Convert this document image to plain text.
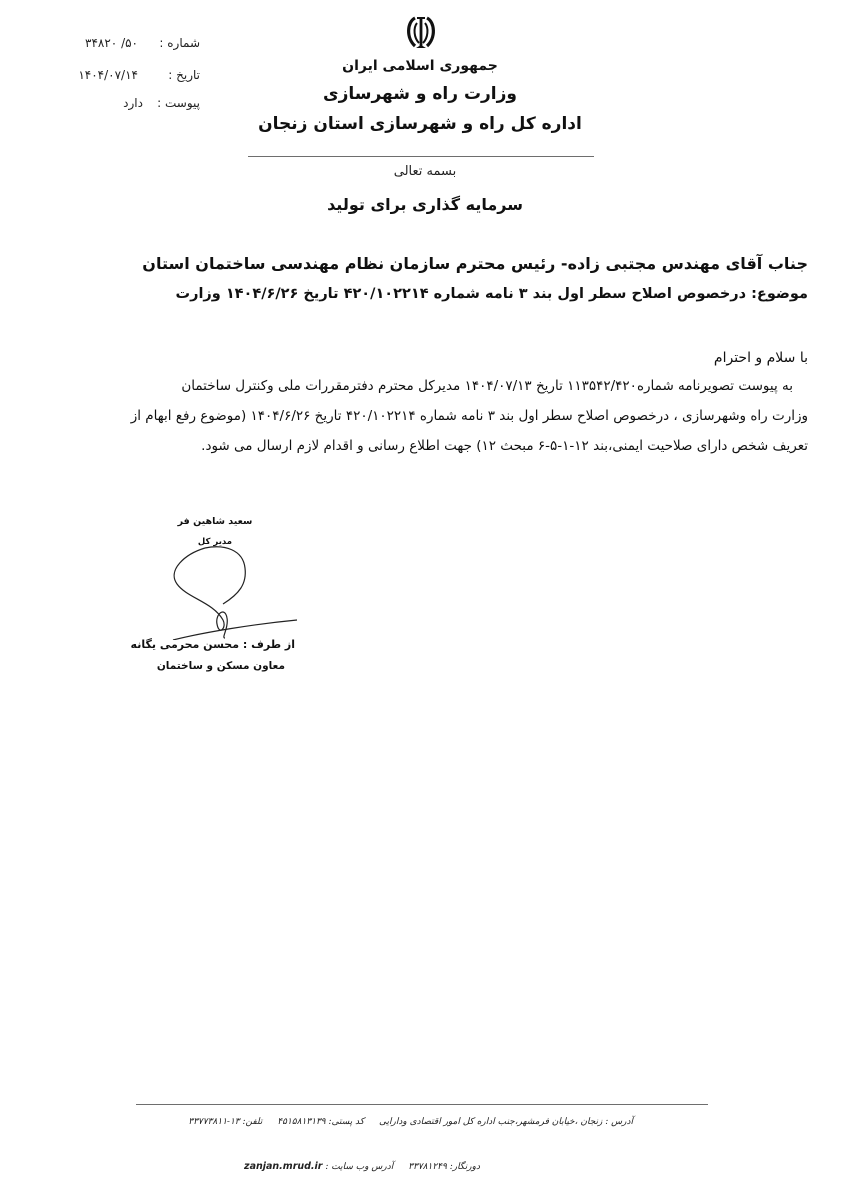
شماره :
۵۰/ ۳۴۸۲۰
تاریخ :
۱۴۰۴/۰۷/۱۴
پیوست :
دارد
جمهوری اسلامی ایران
وزارت راه و شهرسازی
اداره کل راه و شهرسازی استان زنجان
بسمه تعالی
سرمایه گذاری برای تولید
جناب آقای مهندس مجتبی زاده- رئیس محترم سازمان نظام مهندسی ساختمان استان
موضوع: درخصوص اصلاح سطر اول بند ۳ نامه شماره ۴۲۰/۱۰۲۲۱۴ تاریخ ۱۴۰۴/۶/۲۶ وزارت
با سلام و احترام
به پیوست تصویرنامه شماره۱۱۳۵۴۲/۴۲۰ تاریخ ۱۴۰۴/۰۷/۱۳ مدیرکل محترم دفترمقررات ملی وکنترل ساختمان
وزارت راه وشهرسازی ، درخصوص اصلاح سطر اول بند ۳ نامه شماره ۴۲۰/۱۰۲۲۱۴ تاریخ ۱۴۰۴/۶/۲۶ (موضوع رفع ابهام از
تعریف شخص دارای صلاحیت ایمنی،بند ۱۲-۱-۵-۶ مبحث ۱۲) جهت اطلاع رسانی و اقدام لازم ارسال می شود.
سعید شاهین فر
مدیر کل
از طرف : محسن محرمی یگانه
معاون مسکن و ساختمان
آدرس : زنجان ،خیابان فرمشهر،جنب اداره کل امور اقتصادی ودارایی کد پستی: ۴۵۱۵۸۱۳۱۳۹ تلفن: ۱۳-۳۳۷۷۳۸۱۱
دورنگار: ۳۳۷۸۱۲۴۹ آدرس وب سایت : zanjan.mrud.ir
